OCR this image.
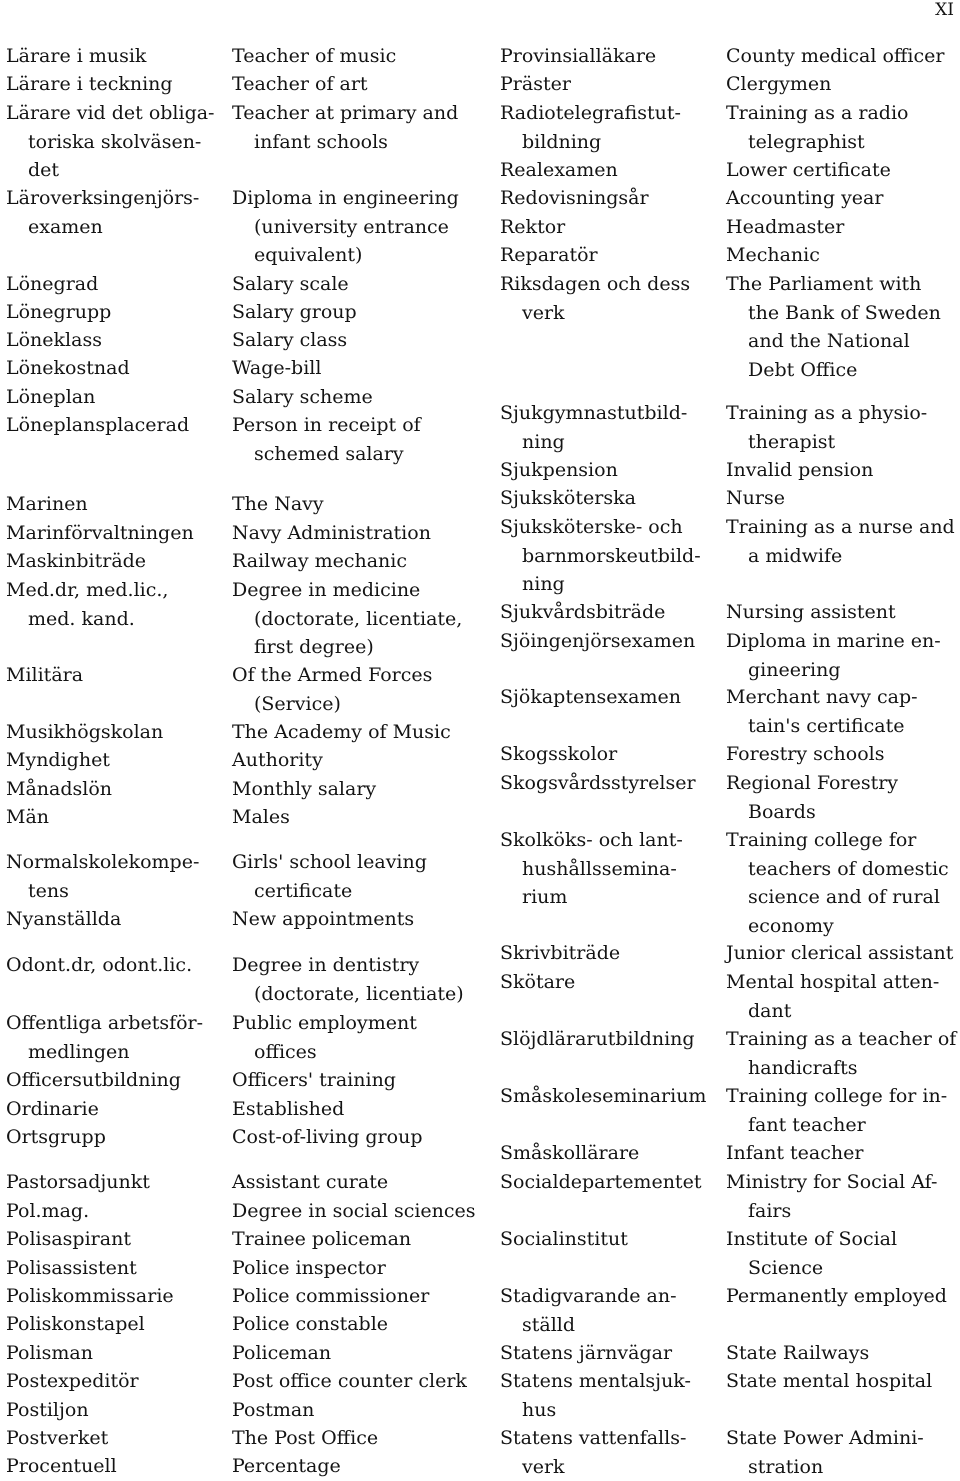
XI
Lärare i musik
Lärare i teckning
Lärare vid det obliga-
toriska skolväsen-
det
Läroverksingenjörs-
examen
Lönegrad
Lönegrupp
Löneklass
Lönekostnad
Löneplan
Löneplansplacerad
Marinen
Marinförvaltningen
Maskinbiträde
Med.dr, med.lic.,
med. kand.
Militära
Musikhögskolan
Myndighet
Månadslön
Män
Normalskolekompe-
tens
Nyanställda
Odont.dr, odont.lic.
Offentliga arbetsför-
medlingen
Officersutbildning
Ordinarie
Ortsgrupp
Pastorsadjunkt
Pol.mag.
Polisaspirant
Polisassistent
Poliskommissarie
Poliskonstapel
Polisman
Postexpeditör
Postiljon
Postverket
Procentuell
Teacher of music
Teacher of art
Teacher at primary and
infant schools
Diploma in engineering
(university entrance
equivalent)
Salary scale
Salary group
Salary class
Wage-bill
Salary scheme
Person in receipt of
schemed salary
The Navy
Navy Administration
Railway mechanic
Degree in medicine
(doctorate, licentiate,
first degree)
Of the Armed Forces
(Service)
The Academy of Music
Authority
Monthly salary
Males
Girls' school leaving
certificate
New appointments
Degree in dentistry
(doctorate, licentiate)
Public employment
offices
Officers' training
Established
Cost-of-living group
Assistant curate
Degree in social sciences
Trainee policeman
Police inspector
Police commissioner
Police constable
Policeman
Post office counter clerk
Postman
The Post Office
Percentage
Provinsialläkare
Präster
Radiotelegrafistut-
bildning
Realexamen
Redovisningsår
Rektor
Reparatör
Riksdagen och dess
verk
Sjukgymnastutbild-
ning
Sjukpension
Sjuksköterska
Sjuksköterske- och
barnmorskeutbild-
ning
Sjukvårdsbiträde
Sjöingenjörsexamen
Sjökaptensexamen
Skogsskolor
Skogsvårdsstyrelser
Skolköks- och lant-
hushållssemina-
rium
Skrivbiträde
Skötare
Slöjdlärarutbildning
Småskoleseminarium
Småskollärare
Socialdepartementet
Socialinstitut
Stadigvarande an-
ställd
Statens järnvägar
Statens mentalsjuk-
hus
Statens vattenfalls-
verk
County medical officer
Clergymen
Training as a radio
telegraphist
Lower certificate
Accounting year
Headmaster
Mechanic
The Parliament with
the Bank of Sweden
and the National
Debt Office
Training as a physio-
therapist
Invalid pension
Nurse
Training as a nurse and
a midwife
Nursing assistent
Diploma in marine en-
gineering
Merchant navy cap-
tain's certificate
Forestry schools
Regional Forestry
Boards
Training college for
teachers of domestic
science and of rural
economy
Junior clerical assistant
Mental hospital atten-
dant
Training as a teacher of
handicrafts
Training college for in-
fant teacher
Infant teacher
Ministry for Social Af-
fairs
Institute of Social
Science
Permanently employed
State Railways
State mental hospital
State Power Admini-
stration
